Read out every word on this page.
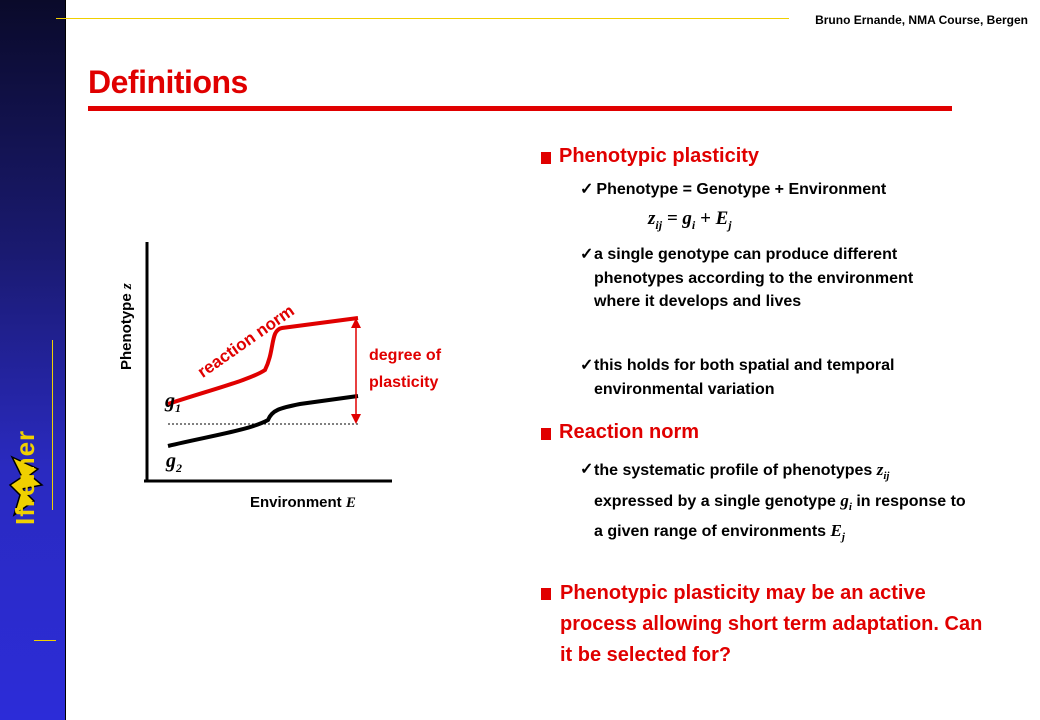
Ifremer
Bruno Ernande, NMA Course, Bergen
Definitions
Phenotype z
Environment E
reaction norm	degree of
plasticity
$g_1$
$g_2$
Phenotypic plasticity
✓ Phenotype = Genotype + Environment
$z_{ij} = g_i + E_j$
✓ a single genotype can produce different phenotypes according to the environment where it develops and lives
✓ this holds for both spatial and temporal environmental variation
Reaction norm
✓ the systematic profile of phenotypes $z_{ij}$ expressed by a single genotype $g_i$ in response to a given range of environments $E_j$
Phenotypic plasticity may be an active process allowing short term adaptation. Can it be selected for?
